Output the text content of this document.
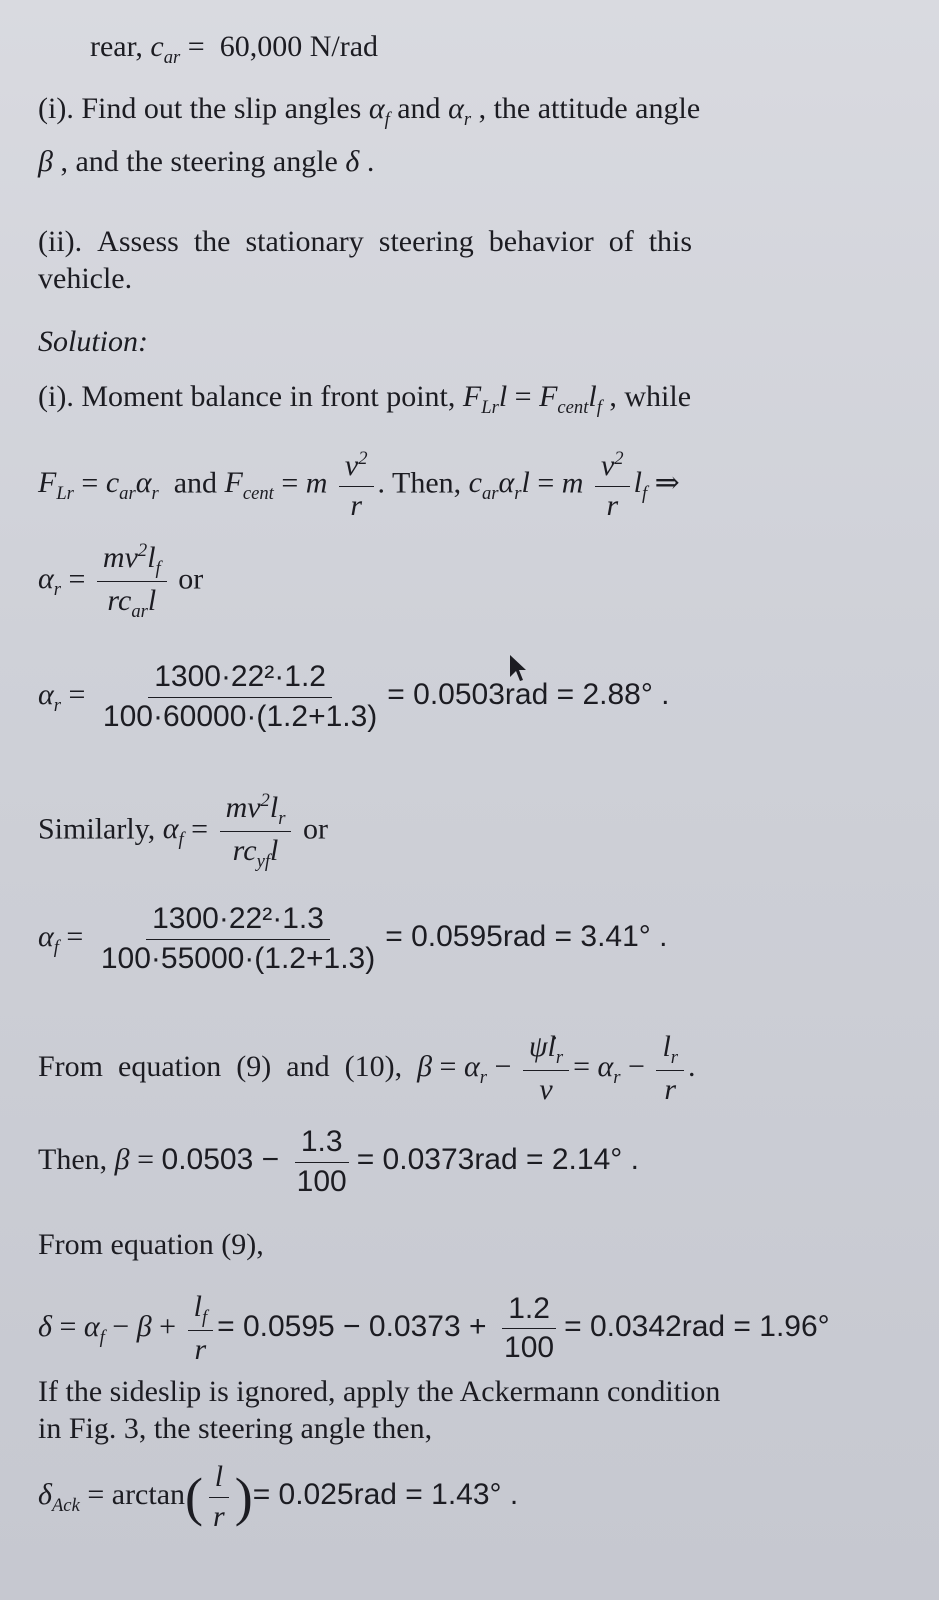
rear, $c_{ar} = 60,000$ N/rad
(i). Find out the slip angles $\alpha_f$ and $\alpha_r$ , the attitude angle
β , and the steering angle δ .
(ii).  Assess  the  stationary  steering  behavior  of  this
vehicle.
Solution:
(i). Moment balance in front point, $F_{Lr}l = F_{cent}l_f$ , while
$F_{Lr} = c_{ar}\alpha_r$  and $F_{cent} = m \frac{v^2}{r}$ . Then, $c_{ar}\alpha_rl = m \frac{v^2}{r} l_f$ ⇒
$\alpha_r$ =
$mv^2l_f$
$rc_{ar}l$
or
$\alpha_r = \frac{\text{1300·22²·1.2}}{100\cdot 60000\cdot(1.2+1.3)} = 0.0503rad = 2.88^\circ$ .
Similarly, $\alpha_f$ =
$mv^2l_r$
$rc_{yf}l$
or
$\alpha_f = \frac{\text{1300·22²·1.3}}{100\cdot 55000\cdot(1.2+1.3)} = 0.0595rad = 3.41^\circ$ .
From  equation  (9)  and  (10),  $\beta = \alpha_r - \frac{\psi̇l_r}{v} = \alpha_r - \frac{l_r}{r}$ .
Then, $\beta = 0.0503 - \frac{1.3}{100} = 0.0373rad = 2.14^\circ$ .
From equation (9),
$\delta = \alpha_f - \beta + \frac{l_f}{r} = 0.0595 - 0.0373 + \frac{1.2}{100} = 0.0342rad = 1.96^\circ$
If the sideslip is ignored, apply the Ackermann condition
in Fig. 3, the steering angle then,
$\delta_{Ack} = \arctan( \frac{l}{r}$ )= 0.025rad = 1.43° .
